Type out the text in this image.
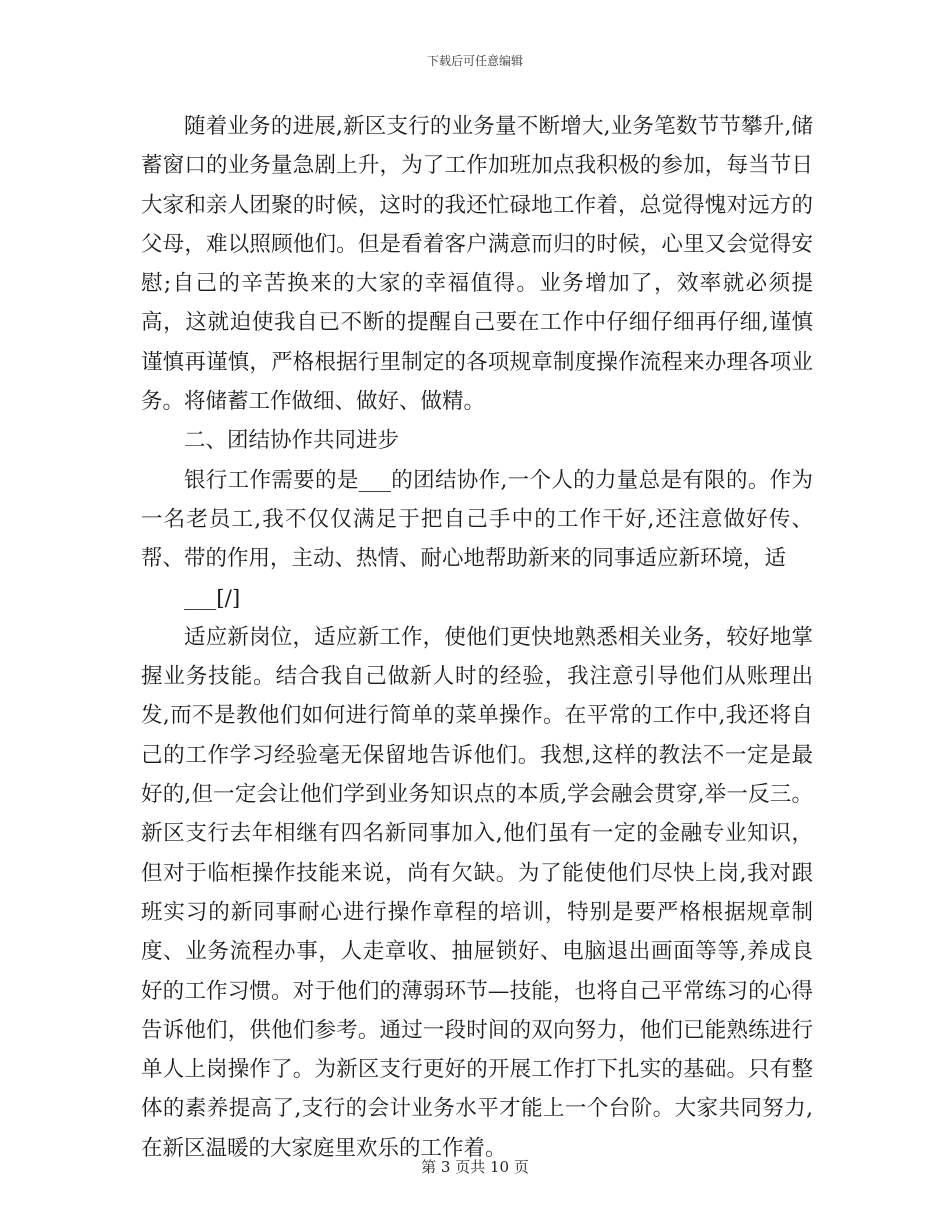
下载后可任意编辑

随着业务的进展,新区支行的业务量不断增大,业务笔数节节攀升,储蓄窗口的业务量急剧上升，为了工作加班加点我积极的参加，每当节日大家和亲人团聚的时候，这时的我还忙碌地工作着，总觉得愧对远方的父母，难以照顾他们。但是看着客户满意而归的时候，心里又会觉得安慰;自己的辛苦换来的大家的幸福值得。业务增加了，效率就必须提高，这就迫使我自已不断的提醒自己要在工作中仔细仔细再仔细,谨慎谨慎再谨慎，严格根据行里制定的各项规章制度操作流程来办理各项业务。将储蓄工作做细、做好、做精。

二、团结协作共同进步

银行工作需要的是___的团结协作,一个人的力量总是有限的。作为一名老员工,我不仅仅满足于把自己手中的工作干好,还注意做好传、帮、带的作用，主动、热情、耐心地帮助新来的同事适应新环境，适

___[/]

适应新岗位，适应新工作，使他们更快地熟悉相关业务，较好地掌握业务技能。结合我自己做新人时的经验，我注意引导他们从账理出发,而不是教他们如何进行简单的菜单操作。在平常的工作中,我还将自己的工作学习经验毫无保留地告诉他们。我想,这样的教法不一定是最好的,但一定会让他们学到业务知识点的本质,学会融会贯穿,举一反三。新区支行去年相继有四名新同事加入,他们虽有一定的金融专业知识，但对于临柜操作技能来说，尚有欠缺。为了能使他们尽快上岗,我对跟班实习的新同事耐心进行操作章程的培训，特别是要严格根据规章制度、业务流程办事，人走章收、抽屉锁好、电脑退出画面等等,养成良好的工作习惯。对于他们的薄弱环节—技能，也将自己平常练习的心得告诉他们，供他们参考。通过一段时间的双向努力，他们已能熟练进行单人上岗操作了。为新区支行更好的开展工作打下扎实的基础。只有整体的素养提高了,支行的会计业务水平才能上一个台阶。大家共同努力,在新区温暖的大家庭里欢乐的工作着。

第 3 页共 10 页
